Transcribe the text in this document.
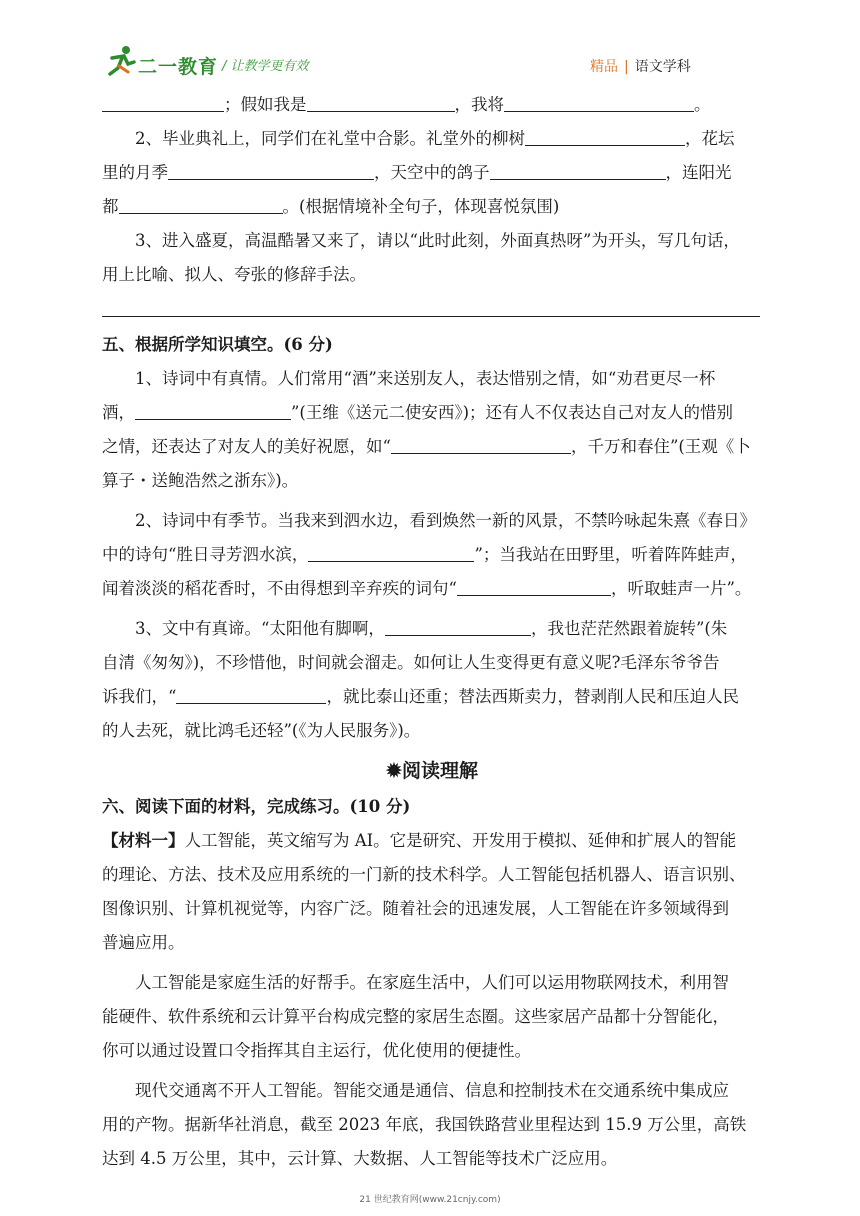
二一教育 / 让教学更有效	精品 | 语文学科

；假如我是	，我将	。

2、毕业典礼上，同学们在礼堂中合影。礼堂外的柳树	，花坛

里的月季	，天空中的鸽子	，连阳光

都	。(根据情境补全句子，体现喜悦氛围)

3、进入盛夏，高温酷暑又来了，请以“此时此刻，外面真热呀”为开头，写几句话，

用上比喻、拟人、夸张的修辞手法。

五、根据所学知识填空。(6 分)

1、诗词中有真情。人们常用“酒”来送别友人，表达惜别之情，如“劝君更尽一杯

酒，	”(王维《送元二使安西》)；还有人不仅表达自己对友人的惜别

之情，还表达了对友人的美好祝愿，如“	，千万和春住”(王观《卜

算子・送鲍浩然之浙东》)。

2、诗词中有季节。当我来到泗水边，看到焕然一新的风景，不禁吟咏起朱熹《春日》

中的诗句“胜日寻芳泗水滨，	”；当我站在田野里，听着阵阵蛙声，

闻着淡淡的稻花香时，不由得想到辛弃疾的词句“	，听取蛙声一片”。

3、文中有真谛。“太阳他有脚啊，	，我也茫茫然跟着旋转”(朱

自清《匆匆》)，不珍惜他，时间就会溜走。如何让人生变得更有意义呢?毛泽东爷爷告

诉我们，“	，就比泰山还重；替法西斯卖力，替剥削人民和压迫人民

的人去死，就比鸿毛还轻”(《为人民服务》)。

✹阅读理解

六、阅读下面的材料，完成练习。(10 分)

【材料一】人工智能，英文缩写为 AI。它是研究、开发用于模拟、延伸和扩展人的智能

的理论、方法、技术及应用系统的一门新的技术科学。人工智能包括机器人、语言识别、

图像识别、计算机视觉等，内容广泛。随着社会的迅速发展，人工智能在许多领域得到

普遍应用。

人工智能是家庭生活的好帮手。在家庭生活中，人们可以运用物联网技术，利用智

能硬件、软件系统和云计算平台构成完整的家居生态圈。这些家居产品都十分智能化，

你可以通过设置口令指挥其自主运行，优化使用的便捷性。

现代交通离不开人工智能。智能交通是通信、信息和控制技术在交通系统中集成应

用的产物。据新华社消息，截至 2023 年底，我国铁路营业里程达到 15.9 万公里，高铁

达到 4.5 万公里，其中，云计算、大数据、人工智能等技术广泛应用。

21 世纪教育网(www.21cnjy.com)
